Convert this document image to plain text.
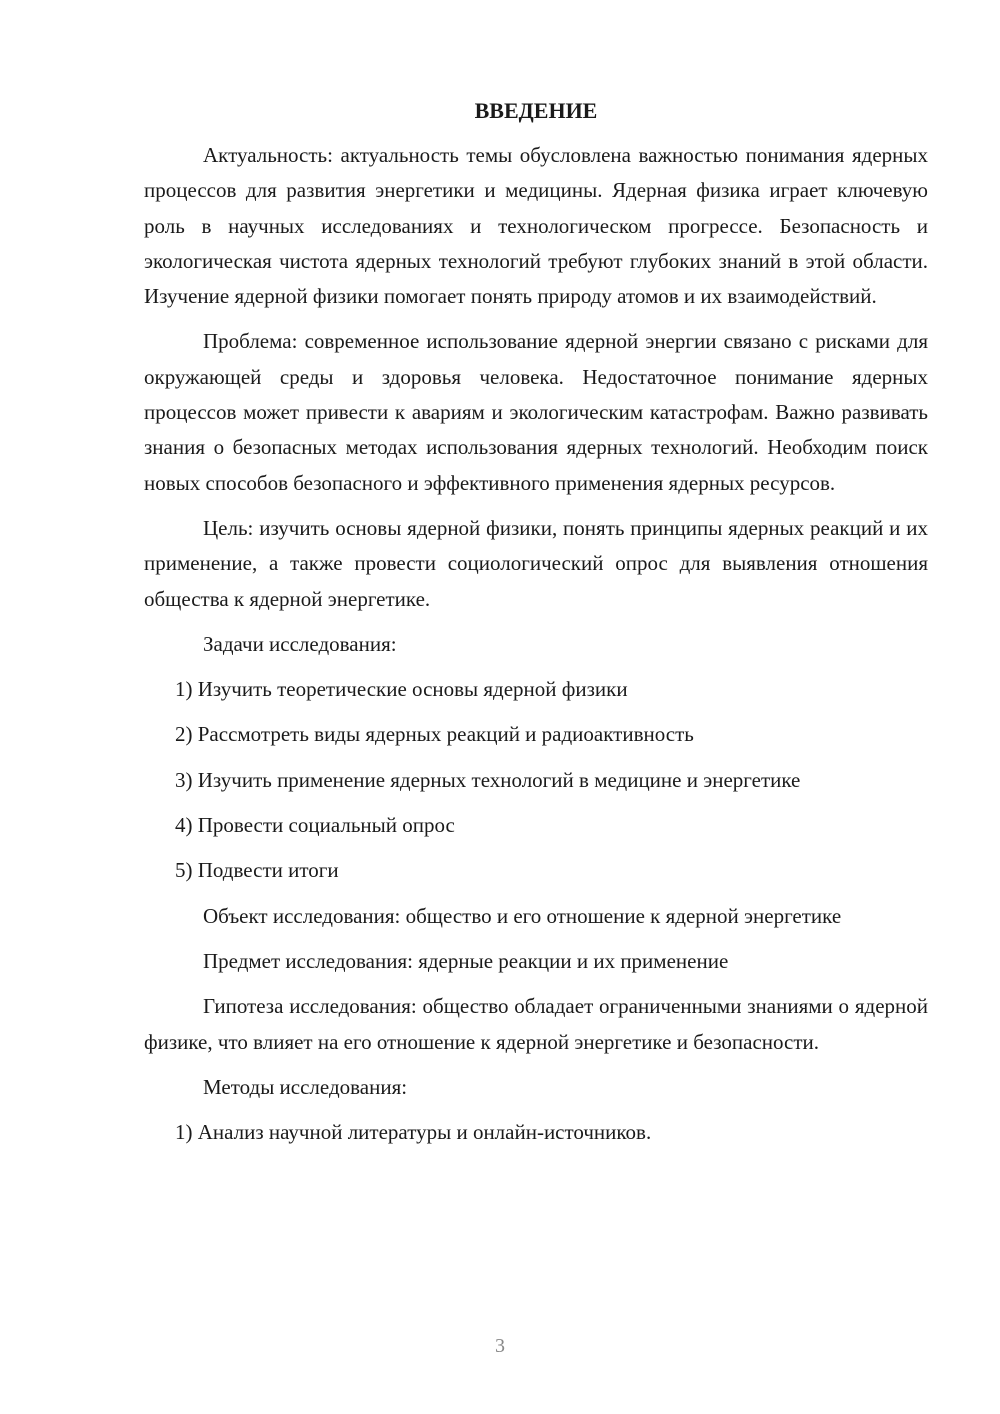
ВВЕДЕНИЕ

Актуальность: актуальность темы обусловлена важностью понимания ядерных процессов для развития энергетики и медицины. Ядерная физика играет ключевую роль в научных исследованиях и технологическом прогрессе. Безопасность и экологическая чистота ядерных технологий требуют глубоких знаний в этой области. Изучение ядерной физики помогает понять природу атомов и их взаимодействий.

Проблема: современное использование ядерной энергии связано с рисками для окружающей среды и здоровья человека. Недостаточное понимание ядерных процессов может привести к авариям и экологическим катастрофам. Важно развивать знания о безопасных методах использования ядерных технологий. Необходим поиск новых способов безопасного и эффективного применения ядерных ресурсов.

Цель: изучить основы ядерной физики, понять принципы ядерных реакций и их применение, а также провести социологический опрос для выявления отношения общества к ядерной энергетике.

Задачи исследования:

1) Изучить теоретические основы ядерной физики

2) Рассмотреть виды ядерных реакций и радиоактивность

3) Изучить применение ядерных технологий в медицине и энергетике

4) Провести социальный опрос

5) Подвести итоги

Объект исследования: общество и его отношение к ядерной энергетике

Предмет исследования: ядерные реакции и их применение

Гипотеза исследования: общество обладает ограниченными знаниями о ядерной физике, что влияет на его отношение к ядерной энергетике и безопасности.

Методы исследования:

1) Анализ научной литературы и онлайн-источников.

3
